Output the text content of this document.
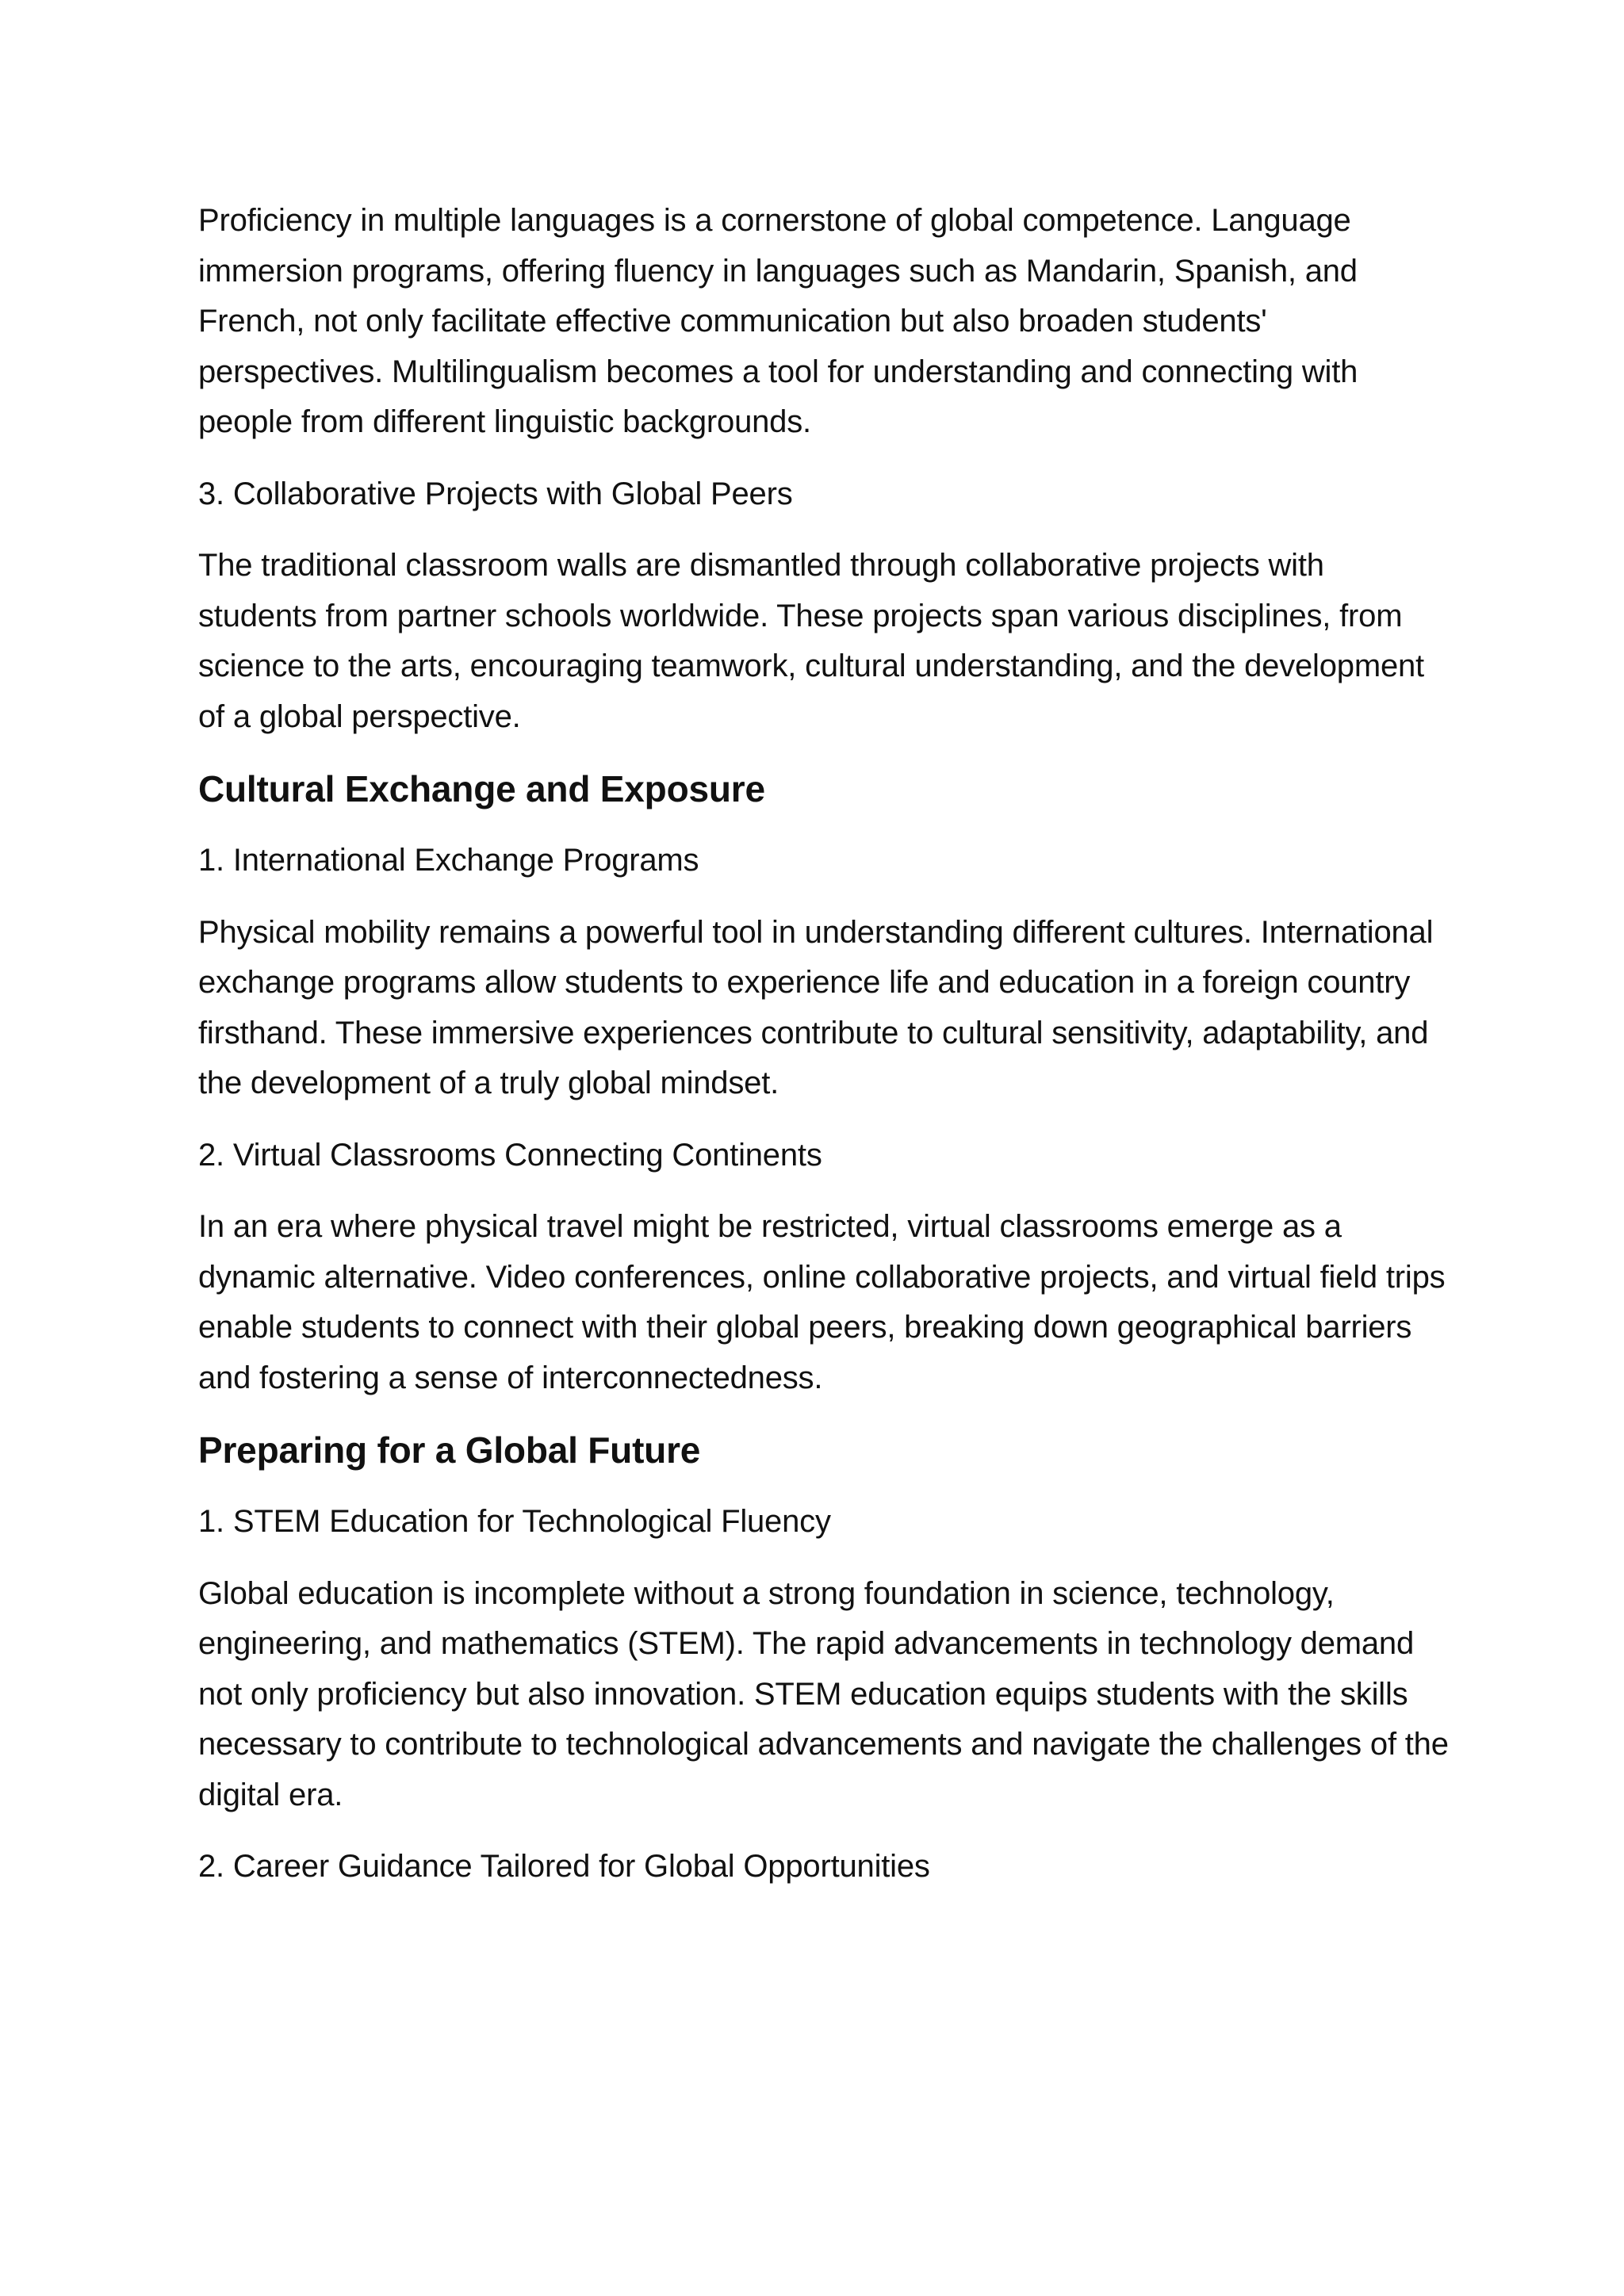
Proficiency in multiple languages is a cornerstone of global competence. Language immersion programs, offering fluency in languages such as Mandarin, Spanish, and French, not only facilitate effective communication but also broaden students' perspectives. Multilingualism becomes a tool for understanding and connecting with people from different linguistic backgrounds.

3. Collaborative Projects with Global Peers

The traditional classroom walls are dismantled through collaborative projects with students from partner schools worldwide. These projects span various disciplines, from science to the arts, encouraging teamwork, cultural understanding, and the development of a global perspective.

Cultural Exchange and Exposure

1. International Exchange Programs

Physical mobility remains a powerful tool in understanding different cultures. International exchange programs allow students to experience life and education in a foreign country firsthand. These immersive experiences contribute to cultural sensitivity, adaptability, and the development of a truly global mindset.

2. Virtual Classrooms Connecting Continents

In an era where physical travel might be restricted, virtual classrooms emerge as a dynamic alternative. Video conferences, online collaborative projects, and virtual field trips enable students to connect with their global peers, breaking down geographical barriers and fostering a sense of interconnectedness.

Preparing for a Global Future

1. STEM Education for Technological Fluency

Global education is incomplete without a strong foundation in science, technology, engineering, and mathematics (STEM). The rapid advancements in technology demand not only proficiency but also innovation. STEM education equips students with the skills necessary to contribute to technological advancements and navigate the challenges of the digital era.

2. Career Guidance Tailored for Global Opportunities
